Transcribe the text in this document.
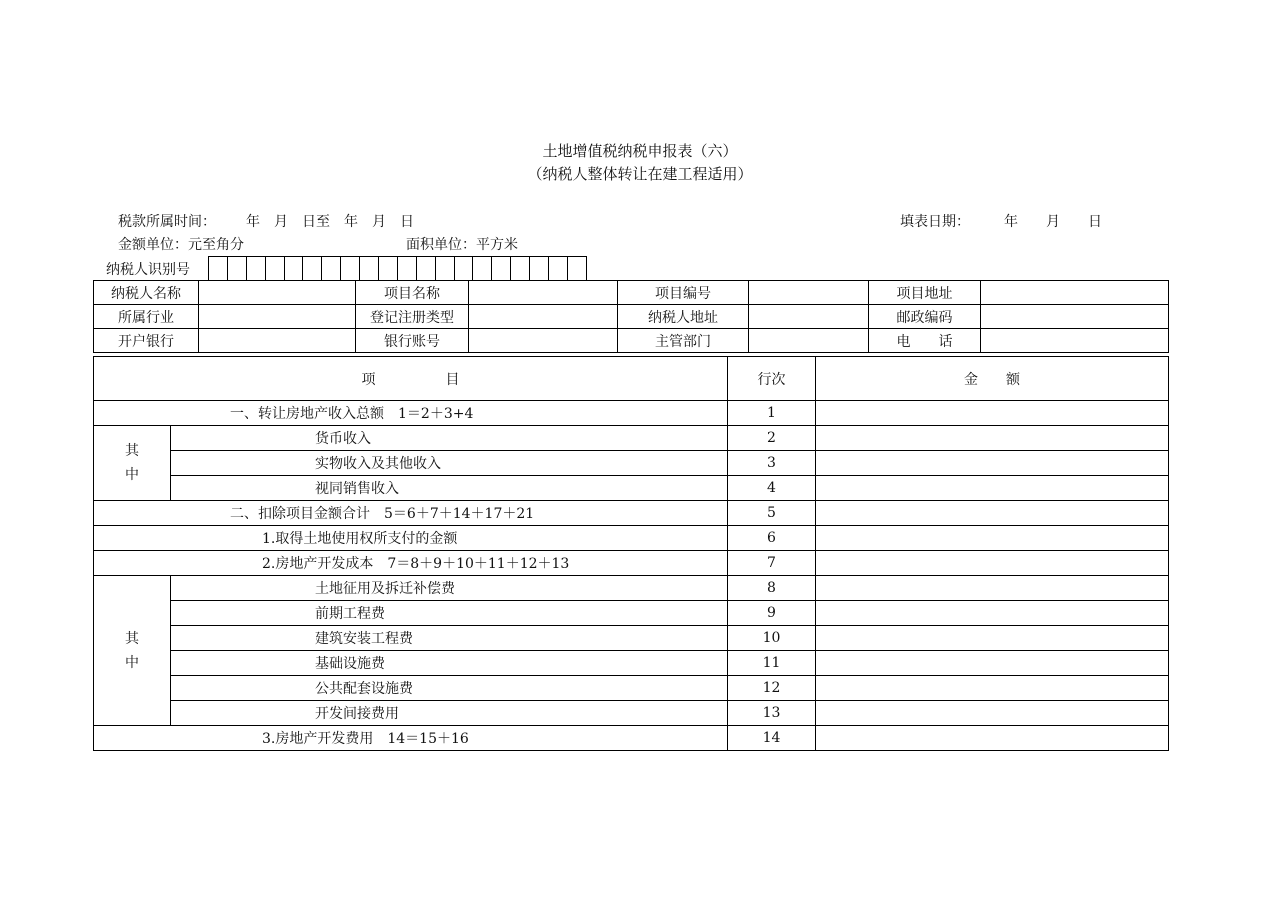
土地增值税纳税申报表（六）
（纳税人整体转让在建工程适用）
税款所属时间： 年　月　日至　年　月　日	填表日期： 年　　月　　日
金额单位：元至角分	面积单位：平方米
纳税人识别号
纳税人名称		项目名称		项目编号		项目地址	
所属行业		登记注册类型		纳税人地址		邮政编码	
开户银行		银行账号		主管部门		电　　话	
项　　　　　目		行次	金　　额
一、转让房地产收入总额　1＝2＋3+4		1	
其
中	货币收入	2	
	实物收入及其他收入	3	
	视同销售收入	4	
二、扣除项目金额合计　5＝6＋7＋14＋17＋21		5	
1.取得土地使用权所支付的金额		6	
2.房地产开发成本　7＝8＋9＋10＋11＋12＋13		7	
其
中	土地征用及拆迁补偿费	8	
	前期工程费	9	
	建筑安装工程费	10	
	基础设施费	11	
	公共配套设施费	12	
	开发间接费用	13	
3.房地产开发费用　14＝15＋16		14	
